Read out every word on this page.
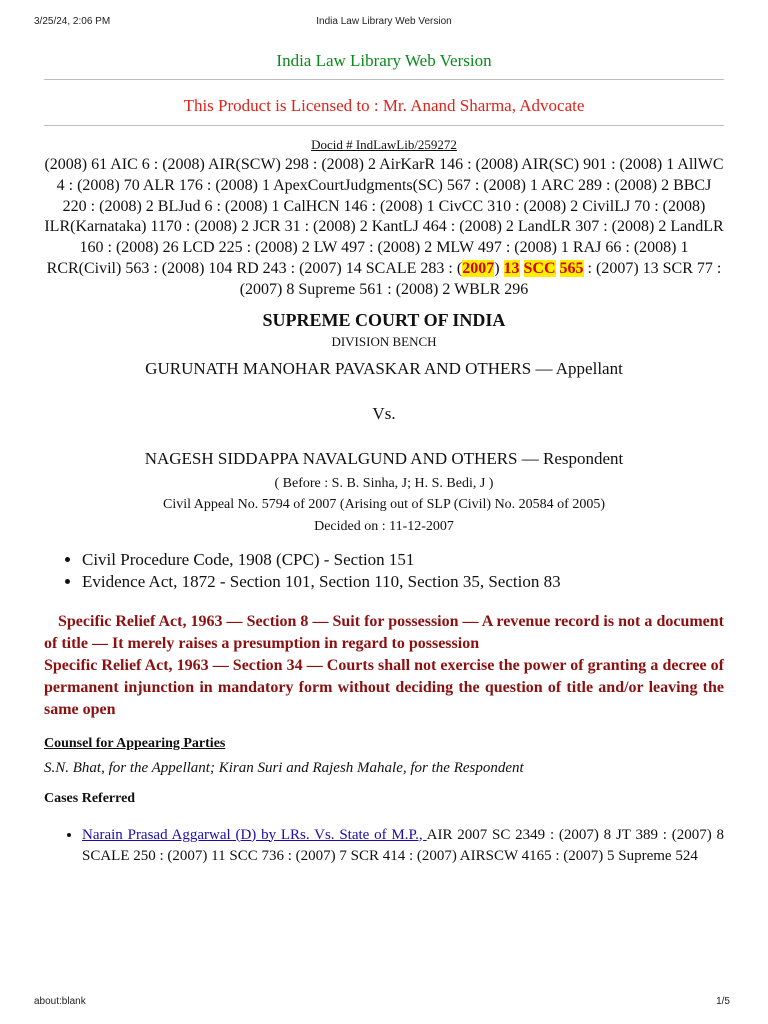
3/25/24, 2:06 PM	India Law Library Web Version
India Law Library Web Version
This Product is Licensed to : Mr. Anand Sharma, Advocate
Docid # IndLawLib/259272
(2008) 61 AIC 6 : (2008) AIR(SCW) 298 : (2008) 2 AirKarR 146 : (2008) AIR(SC) 901 : (2008) 1 AllWC 4 : (2008) 70 ALR 176 : (2008) 1 ApexCourtJudgments(SC) 567 : (2008) 1 ARC 289 : (2008) 2 BBCJ 220 : (2008) 2 BLJud 6 : (2008) 1 CalHCN 146 : (2008) 1 CivCC 310 : (2008) 2 CivilLJ 70 : (2008) ILR(Karnataka) 1170 : (2008) 2 JCR 31 : (2008) 2 KantLJ 464 : (2008) 2 LandLR 307 : (2008) 2 LandLR 160 : (2008) 26 LCD 225 : (2008) 2 LW 497 : (2008) 2 MLW 497 : (2008) 1 RAJ 66 : (2008) 1 RCR(Civil) 563 : (2008) 104 RD 243 : (2007) 14 SCALE 283 : (2007) 13 SCC 565 : (2007) 13 SCR 77 : (2007) 8 Supreme 561 : (2008) 2 WBLR 296
SUPREME COURT OF INDIA
DIVISION BENCH
GURUNATH MANOHAR PAVASKAR AND OTHERS — Appellant
Vs.
NAGESH SIDDAPPA NAVALGUND AND OTHERS — Respondent
( Before : S. B. Sinha, J; H. S. Bedi, J )
Civil Appeal No. 5794 of 2007 (Arising out of SLP (Civil) No. 20584 of 2005)
Decided on : 11-12-2007
• Civil Procedure Code, 1908 (CPC) - Section 151
• Evidence Act, 1872 - Section 101, Section 110, Section 35, Section 83

Specific Relief Act, 1963 — Section 8 — Suit for possession — A revenue record is not a document of title — It merely raises a presumption in regard to possession

Specific Relief Act, 1963 — Section 34 — Courts shall not exercise the power of granting a decree of permanent injunction in mandatory form without deciding the question of title and/or leaving the same open

Counsel for Appearing Parties
S.N. Bhat, for the Appellant; Kiran Suri and Rajesh Mahale, for the Respondent
Cases Referred
• Narain Prasad Aggarwal (D) by LRs. Vs. State of M.P., AIR 2007 SC 2349 : (2007) 8 JT 389 : (2007) 8 SCALE 250 : (2007) 11 SCC 736 : (2007) 7 SCR 414 : (2007) AIRSCW 4165 : (2007) 5 Supreme 524
about:blank	1/5
